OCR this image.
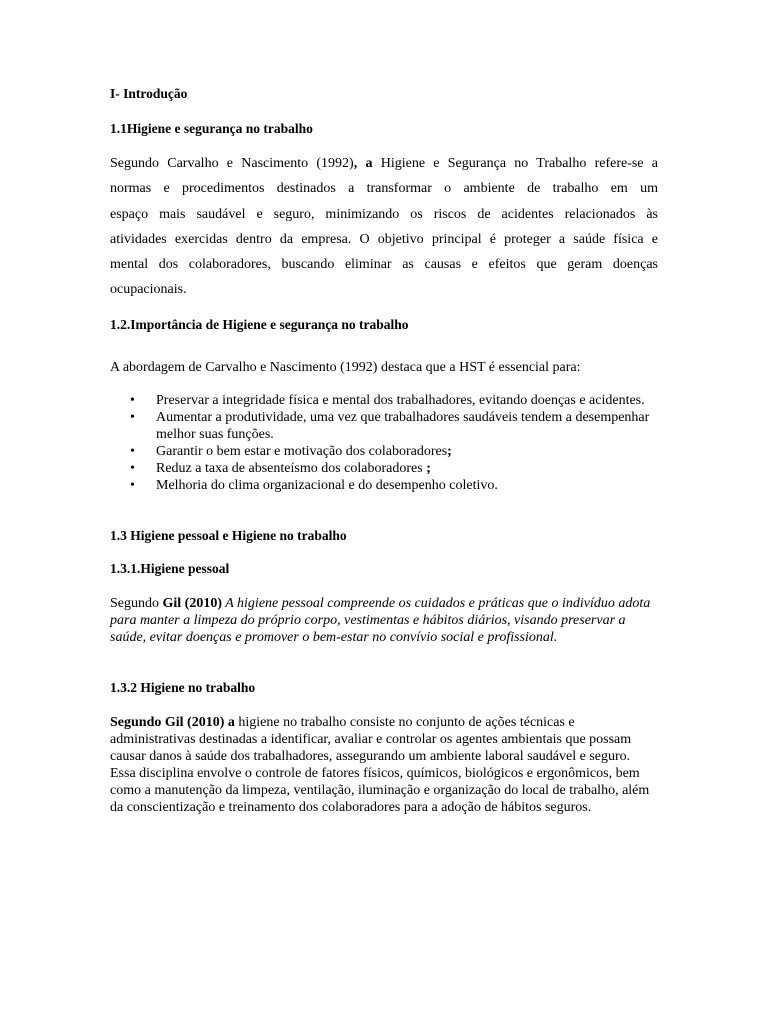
I- Introdução
1.1Higiene e segurança no trabalho
Segundo Carvalho e Nascimento (1992), a Higiene e Segurança no Trabalho refere-se a
normas e procedimentos destinados a transformar o ambiente de trabalho em um
espaço mais saudável e seguro, minimizando os riscos de acidentes relacionados às
atividades exercidas dentro da empresa. O objetivo principal é proteger a saúde física e
mental dos colaboradores, buscando eliminar as causas e efeitos que geram doenças
ocupacionais.
1.2.Importância de Higiene e segurança no trabalho
A abordagem de Carvalho e Nascimento (1992) destaca que a HST é essencial para:
• Preservar a integridade física e mental dos trabalhadores, evitando doenças e acidentes.
• Aumentar a produtividade, uma vez que trabalhadores saudáveis tendem a desempenhar melhor suas funções.
• Garantir o bem estar e motivação dos colaboradores;
• Reduz a taxa de absenteísmo dos colaboradores ;
• Melhoria do clima organizacional e do desempenho coletivo.
1.3 Higiene pessoal e Higiene no trabalho
1.3.1.Higiene pessoal
Segundo Gil (2010) A higiene pessoal compreende os cuidados e práticas que o indivíduo adota para manter a limpeza do próprio corpo, vestimentas e hábitos diários, visando preservar a saúde, evitar doenças e promover o bem-estar no convívio social e profissional.
1.3.2 Higiene no trabalho
Segundo Gil (2010) a higiene no trabalho consiste no conjunto de ações técnicas e administrativas destinadas a identificar, avaliar e controlar os agentes ambientais que possam causar danos à saúde dos trabalhadores, assegurando um ambiente laboral saudável e seguro. Essa disciplina envolve o controle de fatores físicos, químicos, biológicos e ergonômicos, bem como a manutenção da limpeza, ventilação, iluminação e organização do local de trabalho, além da conscientização e treinamento dos colaboradores para a adoção de hábitos seguros.
